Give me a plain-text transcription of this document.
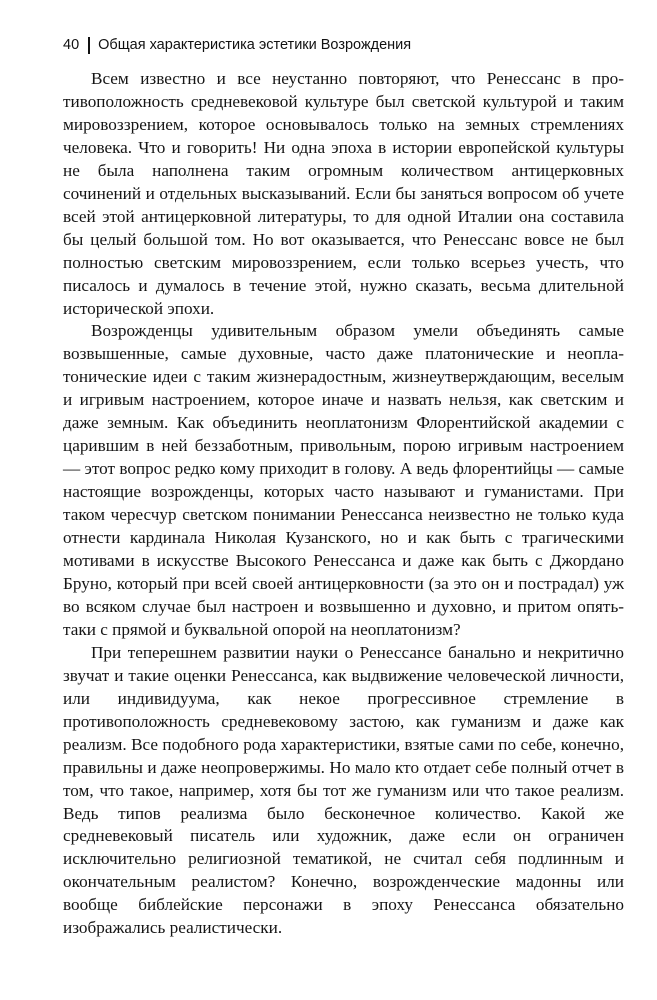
40 Общая характеристика эстетики Возрождения

Всем известно и все неустанно повторяют, что Ренессанс в противоположность средневековой культуре был светской культурой и таким мировоззрением, которое основывалось только на земных стремлениях человека. Что и говорить! Ни одна эпоха в истории европейской культуры не была наполнена таким огромным количеством антицерковных сочинений и отдельных высказываний. Если бы заняться вопросом об учете всей этой антицерковной литературы, то для одной Италии она составила бы целый большой том. Но вот оказывается, что Ренессанс вовсе не был полностью светским мировоззрением, если только всерьез учесть, что писалось и думалось в течение этой, нужно сказать, весьма длительной исторической эпохи.

Возрожденцы удивительным образом умели объединять самые возвышенные, самые духовные, часто даже платонические и неоплатонические идеи с таким жизнерадостным, жизнеутверждающим, веселым и игривым настроением, которое иначе и назвать нельзя, как светским и даже земным. Как объединить неоплатонизм Флорентийской академии с царившим в ней беззаботным, привольным, порою игривым настроением — этот вопрос редко кому приходит в голову. А ведь флорентийцы — самые настоящие возрожденцы, которых часто называют и гуманистами. При таком чересчур светском понимании Ренессанса неизвестно не только куда отнести кардинала Николая Кузанского, но и как быть с трагическими мотивами в искусстве Высокого Ренессанса и даже как быть с Джордано Бруно, который при всей своей антицерковности (за это он и пострадал) уж во всяком случае был настроен и возвышенно и духовно, и притом опять-таки с прямой и буквальной опорой на неоплатонизм?

При теперешнем развитии науки о Ренессансе банально и некритично звучат и такие оценки Ренессанса, как выдвижение человеческой личности, или индивидуума, как некое прогрессивное стремление в противоположность средневековому застою, как гуманизм и даже как реализм. Все подобного рода характеристики, взятые сами по себе, конечно, правильны и даже неопровержимы. Но мало кто отдает себе полный отчет в том, что такое, например, хотя бы тот же гуманизм или что такое реализм. Ведь типов реализма было бесконечное количество. Какой же средневековый писатель или художник, даже если он ограничен исключительно религиозной тематикой, не считал себя подлинным и окончательным реалистом? Конечно, возрожденческие мадонны или вообще библейские персонажи в эпоху Ренессанса обязательно изображались реалистически.
